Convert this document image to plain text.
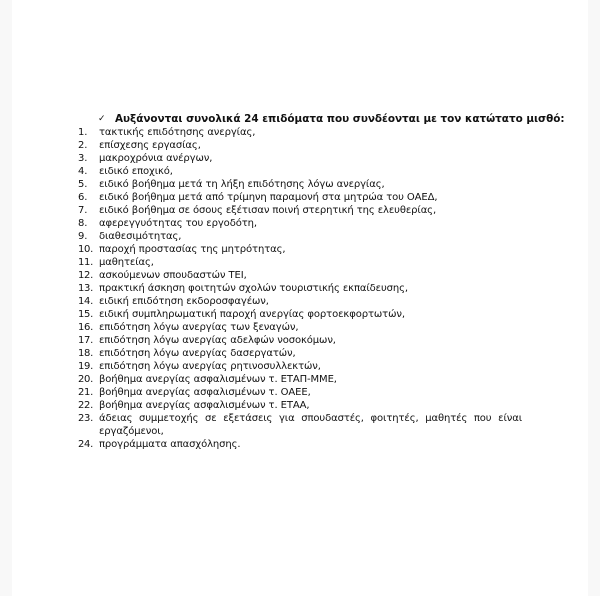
✓ Αυξάνονται συνολικά 24 επιδόματα που συνδέονται με τον κατώτατο μισθό:
1. τακτικής επιδότησης ανεργίας,
2. επίσχεσης εργασίας,
3. μακροχρόνια ανέργων,
4. ειδικό εποχικό,
5. ειδικό βοήθημα μετά τη λήξη επιδότησης λόγω ανεργίας,
6. ειδικό βοήθημα μετά από τρίμηνη παραμονή στα μητρώα του ΟΑΕΔ,
7. ειδικό βοήθημα σε όσους εξέτισαν ποινή στερητική της ελευθερίας,
8. αφερεγγυότητας του εργοδότη,
9. διαθεσιμότητας,
10. παροχή προστασίας της μητρότητας,
11. μαθητείας,
12. ασκούμενων σπουδαστών ΤΕΙ,
13. πρακτική άσκηση φοιτητών σχολών τουριστικής εκπαίδευσης,
14. ειδική επιδότηση εκδοροσφαγέων,
15. ειδική συμπληρωματική παροχή ανεργίας φορτοεκφορτωτών,
16. επιδότηση λόγω ανεργίας των ξεναγών,
17. επιδότηση λόγω ανεργίας αδελφών νοσοκόμων,
18. επιδότηση λόγω ανεργίας δασεργατών,
19. επιδότηση λόγω ανεργίας ρητινοσυλλεκτών,
20. βοήθημα ανεργίας ασφαλισμένων τ. ΕΤΑΠ-ΜΜΕ,
21. βοήθημα ανεργίας ασφαλισμένων τ. ΟΑΕΕ,
22. βοήθημα ανεργίας ασφαλισμένων τ. ΕΤΑΑ,
23. άδειας συμμετοχής σε εξετάσεις για σπουδαστές, φοιτητές, μαθητές που είναι εργαζόμενοι,
24. προγράμματα απασχόλησης.
